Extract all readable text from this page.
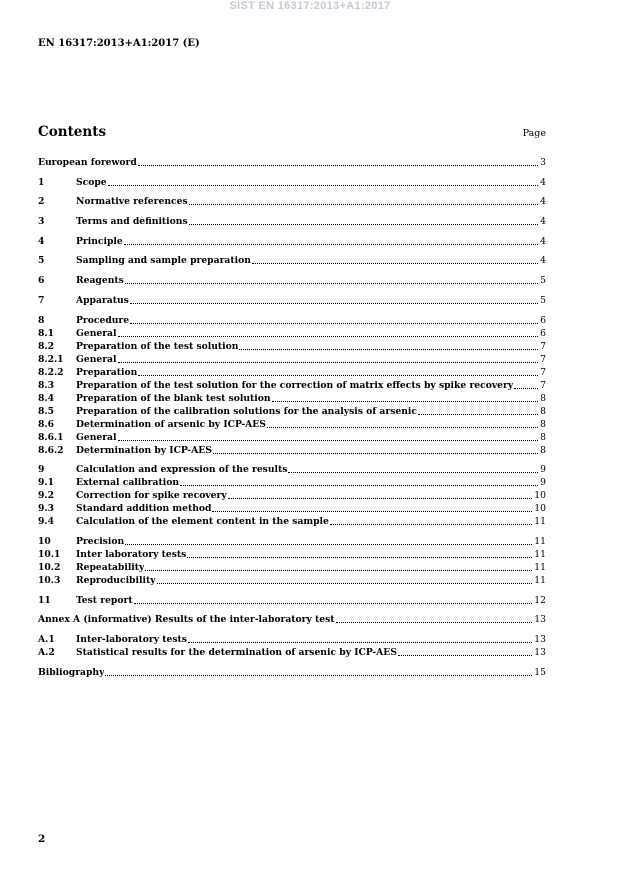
SIST EN 16317:2013+A1:2017
EN 16317:2013+A1:2017 (E)
Contents	Page
European foreword	3
1	Scope	4
2	Normative references	4
3	Terms and definitions	4
4	Principle	4
5	Sampling and sample preparation	4
6	Reagents	5
7	Apparatus	5
8	Procedure	6
8.1	General	6
8.2	Preparation of the test solution	7
8.2.1	General	7
8.2.2	Preparation	7
8.3	Preparation of the test solution for the correction of matrix effects by spike recovery	7
8.4	Preparation of the blank test solution	8
8.5	Preparation of the calibration solutions for the analysis of arsenic	8
8.6	Determination of arsenic by ICP-AES	8
8.6.1	General	8
8.6.2	Determination by ICP-AES	8
9	Calculation and expression of the results	9
9.1	External calibration	9
9.2	Correction for spike recovery	10
9.3	Standard addition method	10
9.4	Calculation of the element content in the sample	11
10	Precision	11
10.1	Inter laboratory tests	11
10.2	Repeatability	11
10.3	Reproducibility	11
11	Test report	12
Annex A (informative) Results of the inter-laboratory test	13
A.1	Inter-laboratory tests	13
A.2	Statistical results for the determination of arsenic by ICP-AES	13
Bibliography	15
2
